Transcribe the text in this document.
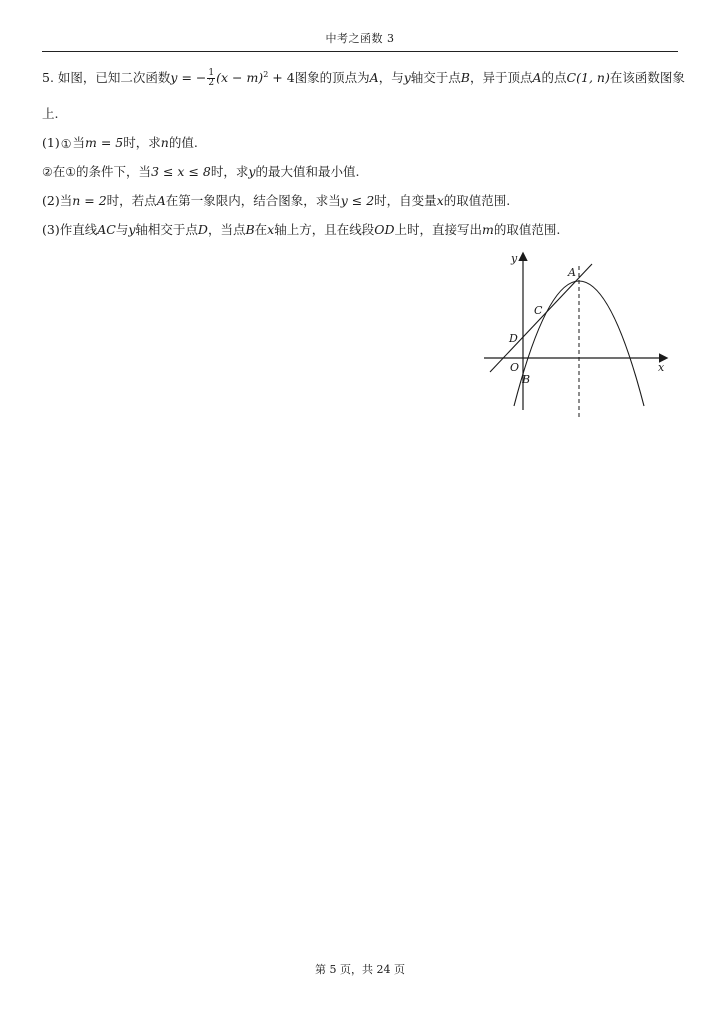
中考之函数 3
5. 如图，已知二次函数y = − $\frac{1}{2} (x - m)^2 + 4$图象的顶点为A，与y轴交于点B，异于顶点A的点C(1, n)在该函数图象
上.
(1)①当m = 5时，求n的值.
②在①的条件下，当3 ≤ x ≤ 8时，求y的最大值和最小值.
(2)当n = 2时，若点A在第一象限内，结合图象，求当y ≤ 2时，自变量x的取值范围.
(3)作直线AC与y轴相交于点D，当点B在x轴上方，且在线段OD上时，直接写出m的取值范围.
y
x
O
A
B
C
D
第 5 页，共 24 页
